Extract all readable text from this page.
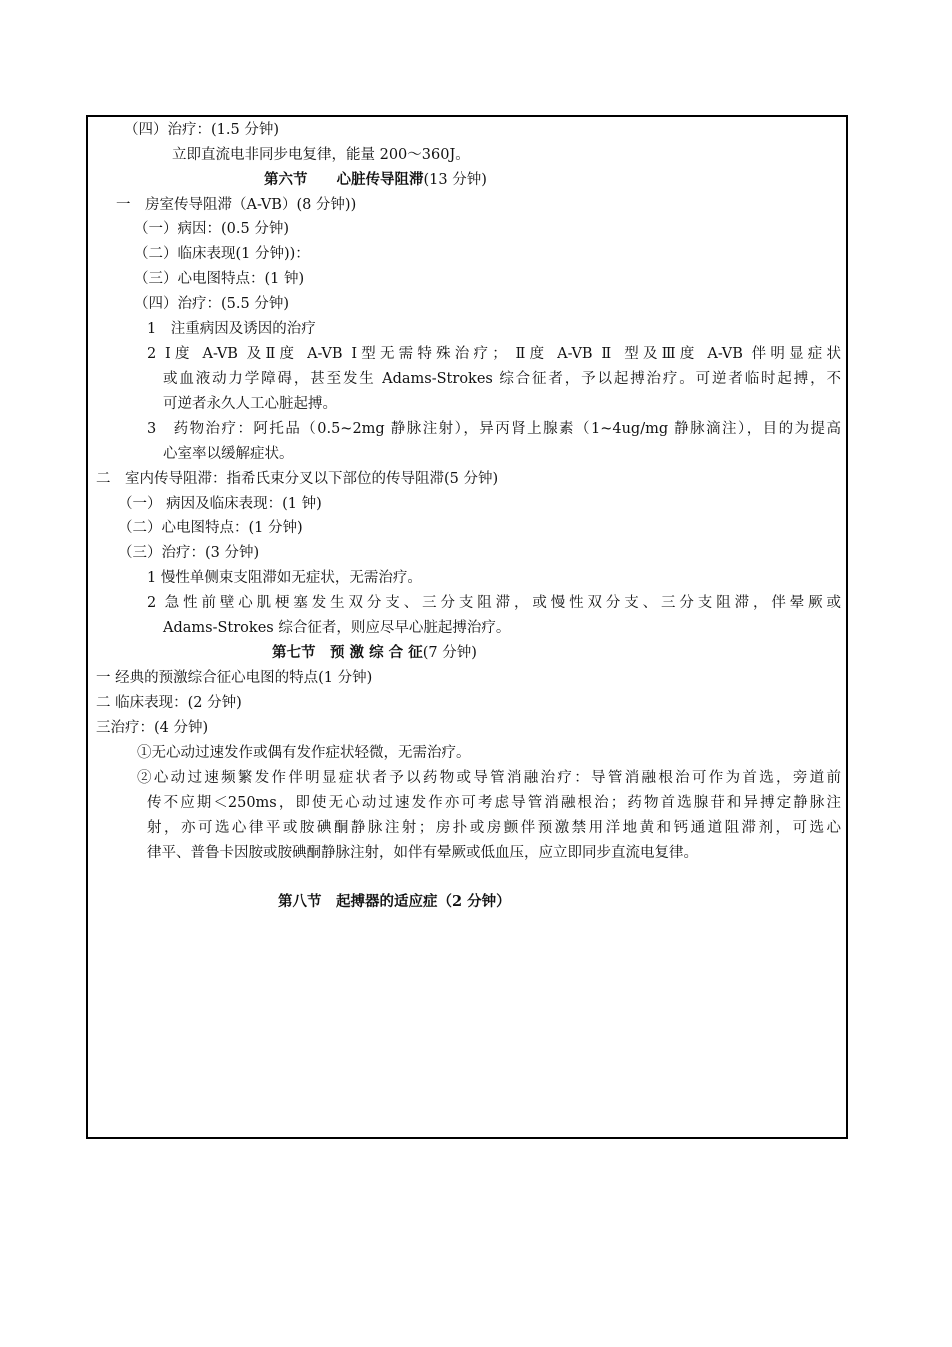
（四）治疗：(1.5 分钟)
立即直流电非同步电复律，能量 200～360J。
第六节　　心脏传导阻滞(13 分钟)
一　房室传导阻滞（A-VB）(8 分钟))
（一）病因：(0.5 分钟)
（二）临床表现(1 分钟))：
（三）心电图特点：(1 钟)
（四）治疗：(5.5 分钟)
1　注重病因及诱因的治疗
2 Ⅰ度 A-VB 及Ⅱ度 A-VB Ⅰ型无需特殊治疗； Ⅱ度 A-VB Ⅱ 型及Ⅲ度 A-VB 伴明显症状
或血液动力学障碍，甚至发生 Adams-Strokes 综合征者，予以起搏治疗。可逆者临时起搏，不
可逆者永久人工心脏起搏。
3　药物治疗：阿托品（0.5~2mg 静脉注射），异丙肾上腺素（1~4ug/mg 静脉滴注），目的为提高
心室率以缓解症状。
二　室内传导阻滞：指希氏束分叉以下部位的传导阻滞(5 分钟)
（一） 病因及临床表现：(1 钟)
（二）心电图特点：(1 分钟)
（三）治疗：(3 分钟)
1 慢性单侧束支阻滞如无症状，无需治疗。
2 急性前壁心肌梗塞发生双分支、三分支阻滞，或慢性双分支、三分支阻滞，伴晕厥或
Adams-Strokes 综合征者，则应尽早心脏起搏治疗。
第七节　预 激 综 合 征(7 分钟)
一 经典的预激综合征心电图的特点(1 分钟)
二 临床表现：(2 分钟)
三治疗：(4 分钟)
①无心动过速发作或偶有发作症状轻微，无需治疗。
②心动过速频繁发作伴明显症状者予以药物或导管消融治疗：导管消融根治可作为首选，旁道前
传不应期＜250ms，即使无心动过速发作亦可考虑导管消融根治；药物首选腺苷和异搏定静脉注
射，亦可选心律平或胺碘酮静脉注射；房扑或房颤伴预激禁用洋地黄和钙通道阻滞剂，可选心
律平、普鲁卡因胺或胺碘酮静脉注射，如伴有晕厥或低血压，应立即同步直流电复律。
第八节　起搏器的适应症（2 分钟）
